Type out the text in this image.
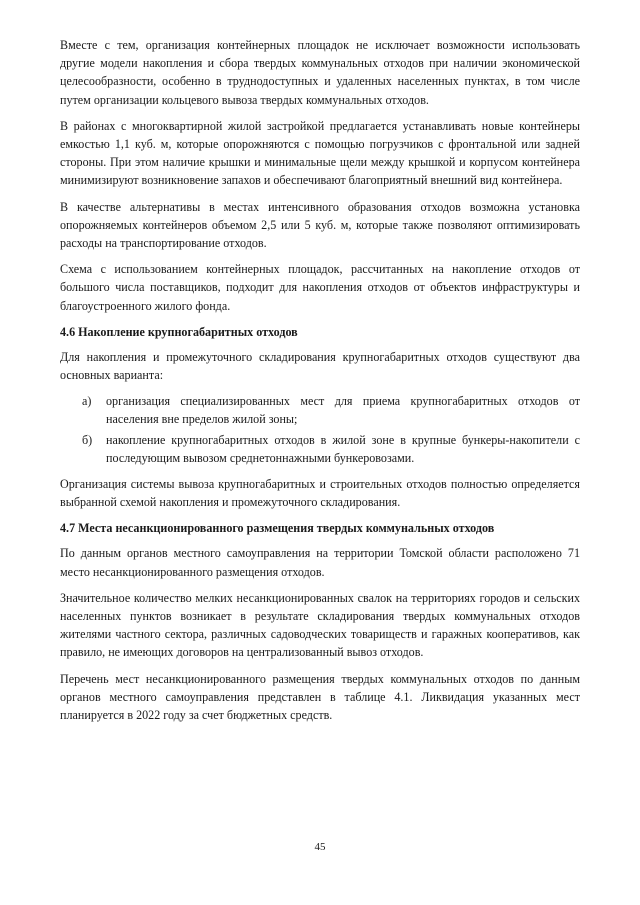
Вместе с тем, организация контейнерных площадок не исключает возможности использовать другие модели накопления и сбора твердых коммунальных отходов при наличии экономической целесообразности, особенно в труднодоступных и удаленных населенных пунктах, в том числе путем организации кольцевого вывоза твердых коммунальных отходов.

В районах с многоквартирной жилой застройкой предлагается устанавливать новые контейнеры емкостью 1,1 куб. м, которые опорожняются с помощью погрузчиков с фронтальной или задней стороны. При этом наличие крышки и минимальные щели между крышкой и корпусом контейнера минимизируют возникновение запахов и обеспечивают благоприятный внешний вид контейнера.

В качестве альтернативы в местах интенсивного образования отходов возможна установка опорожняемых контейнеров объемом 2,5 или 5 куб. м, которые также позволяют оптимизировать расходы на транспортирование отходов.

Схема с использованием контейнерных площадок, рассчитанных на накопление отходов от большого числа поставщиков, подходит для накопления отходов от объектов инфраструктуры и благоустроенного жилого фонда.

4.6 Накопление крупногабаритных отходов

Для накопления и промежуточного складирования крупногабаритных отходов существуют два основных варианта:

а) организация специализированных мест для приема крупногабаритных отходов от населения вне пределов жилой зоны;
б) накопление крупногабаритных отходов в жилой зоне в крупные бункеры-накопители с последующим вывозом среднетоннажными бункеровозами.

Организация системы вывоза крупногабаритных и строительных отходов полностью определяется выбранной схемой накопления и промежуточного складирования.

4.7 Места несанкционированного размещения твердых коммунальных отходов

По данным органов местного самоуправления на территории Томской области расположено 71 место несанкционированного размещения отходов.

Значительное количество мелких несанкционированных свалок на территориях городов и сельских населенных пунктов возникает в результате складирования твердых коммунальных отходов жителями частного сектора, различных садоводческих товариществ и гаражных кооперативов, как правило, не имеющих договоров на централизованный вывоз отходов.

Перечень мест несанкционированного размещения твердых коммунальных отходов по данным органов местного самоуправления представлен в таблице 4.1. Ликвидация указанных мест планируется в 2022 году за счет бюджетных средств.

45
